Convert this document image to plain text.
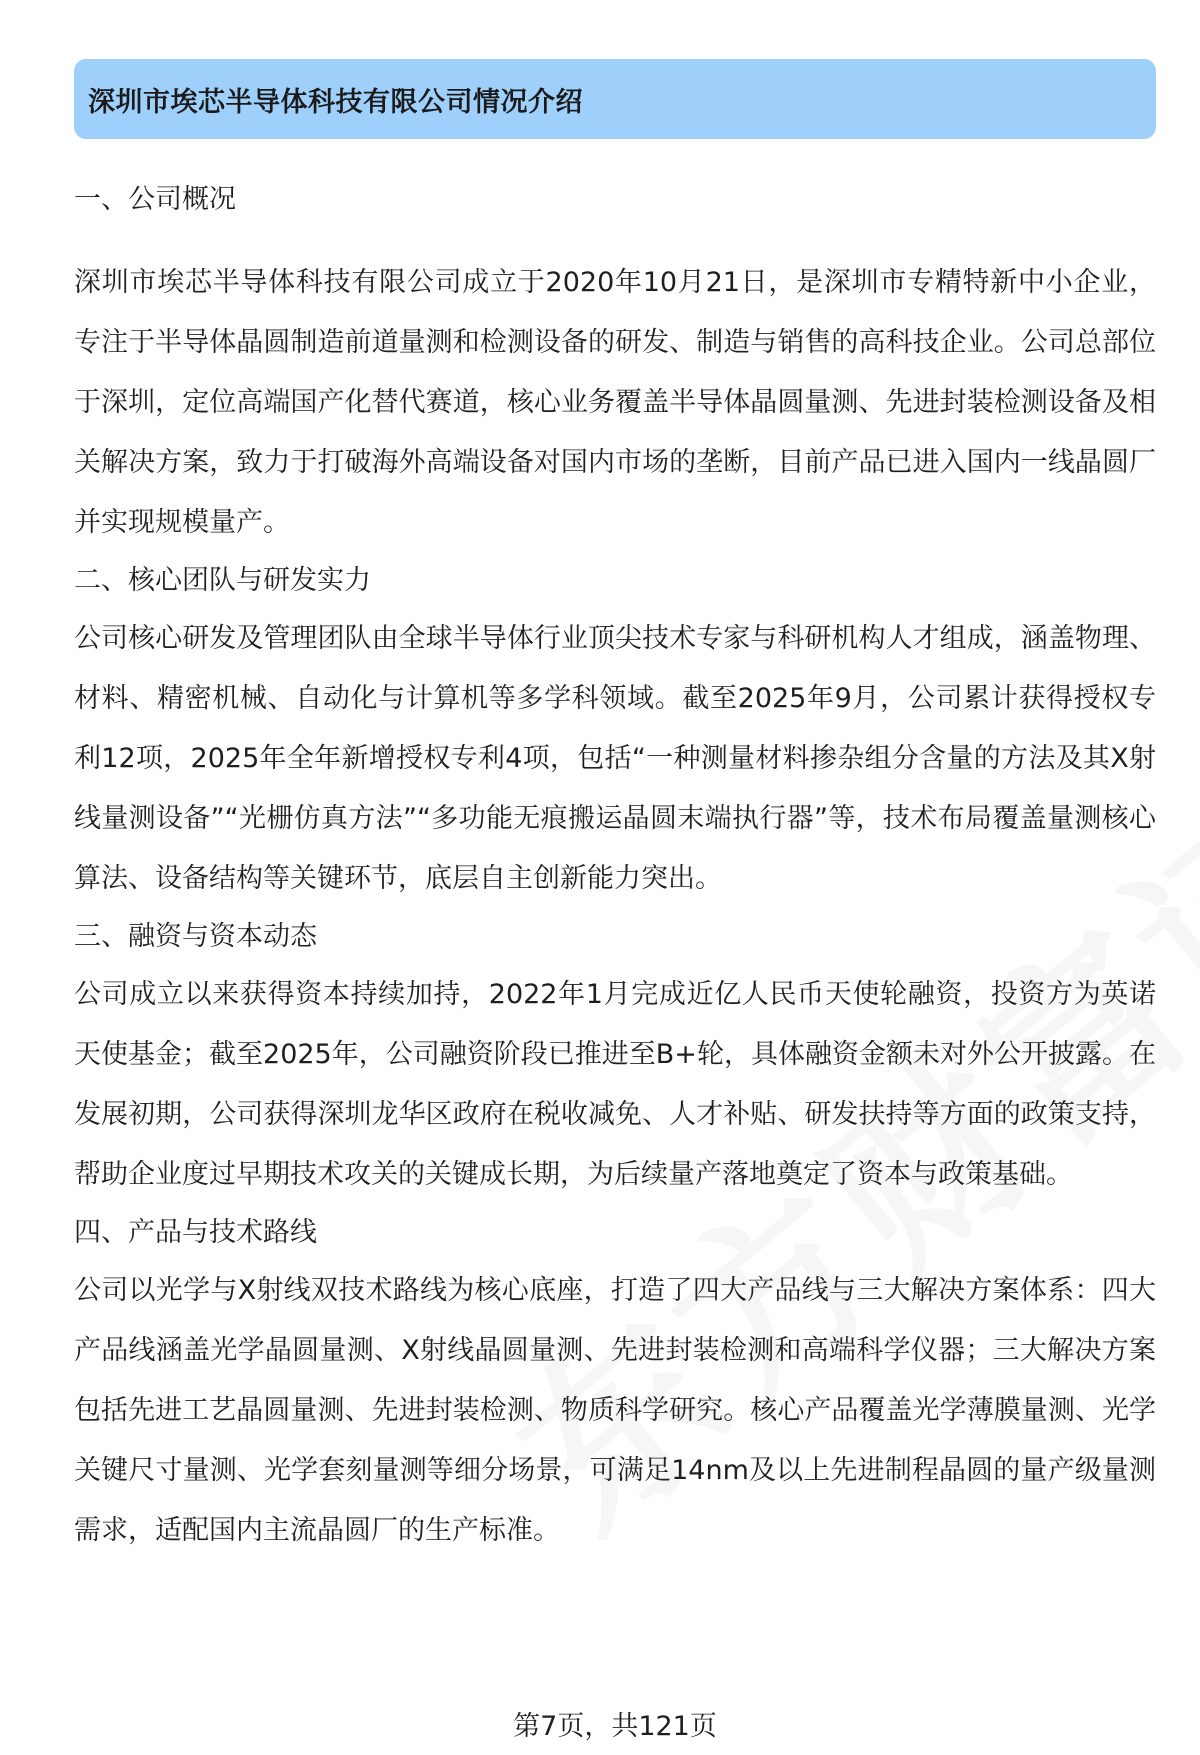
深圳市埃芯半导体科技有限公司情况介绍
一、公司概况

深圳市埃芯半导体科技有限公司成立于2020年10月21日，是深圳市专精特新中小企业，专注于半导体晶圆制造前道量测和检测设备的研发、制造与销售的高科技企业。公司总部位于深圳，定位高端国产化替代赛道，核心业务覆盖半导体晶圆量测、先进封装检测设备及相关解决方案，致力于打破海外高端设备对国内市场的垄断，目前产品已进入国内一线晶圆厂并实现规模量产。

二、核心团队与研发实力

公司核心研发及管理团队由全球半导体行业顶尖技术专家与科研机构人才组成，涵盖物理、材料、精密机械、自动化与计算机等多学科领域。截至2025年9月，公司累计获得授权专利12项，2025年全年新增授权专利4项，包括“一种测量材料掺杂组分含量的方法及其X射线量测设备”“光栅仿真方法”“多功能无痕搬运晶圆末端执行器”等，技术布局覆盖量测核心算法、设备结构等关键环节，底层自主创新能力突出。

三、融资与资本动态

公司成立以来获得资本持续加持，2022年1月完成近亿人民币天使轮融资，投资方为英诺天使基金；截至2025年，公司融资阶段已推进至B+轮，具体融资金额未对外公开披露。在发展初期，公司获得深圳龙华区政府在税收减免、人才补贴、研发扶持等方面的政策支持，帮助企业度过早期技术攻关的关键成长期，为后续量产落地奠定了资本与政策基础。

四、产品与技术路线

公司以光学与X射线双技术路线为核心底座，打造了四大产品线与三大解决方案体系：四大产品线涵盖光学晶圆量测、X射线晶圆量测、先进封装检测和高端科学仪器；三大解决方案包括先进工艺晶圆量测、先进封装检测、物质科学研究。核心产品覆盖光学薄膜量测、光学关键尺寸量测、光学套刻量测等细分场景，可满足14nm及以上先进制程晶圆的量产级量测需求，适配国内主流晶圆厂的生产标准。

第7页，共121页
